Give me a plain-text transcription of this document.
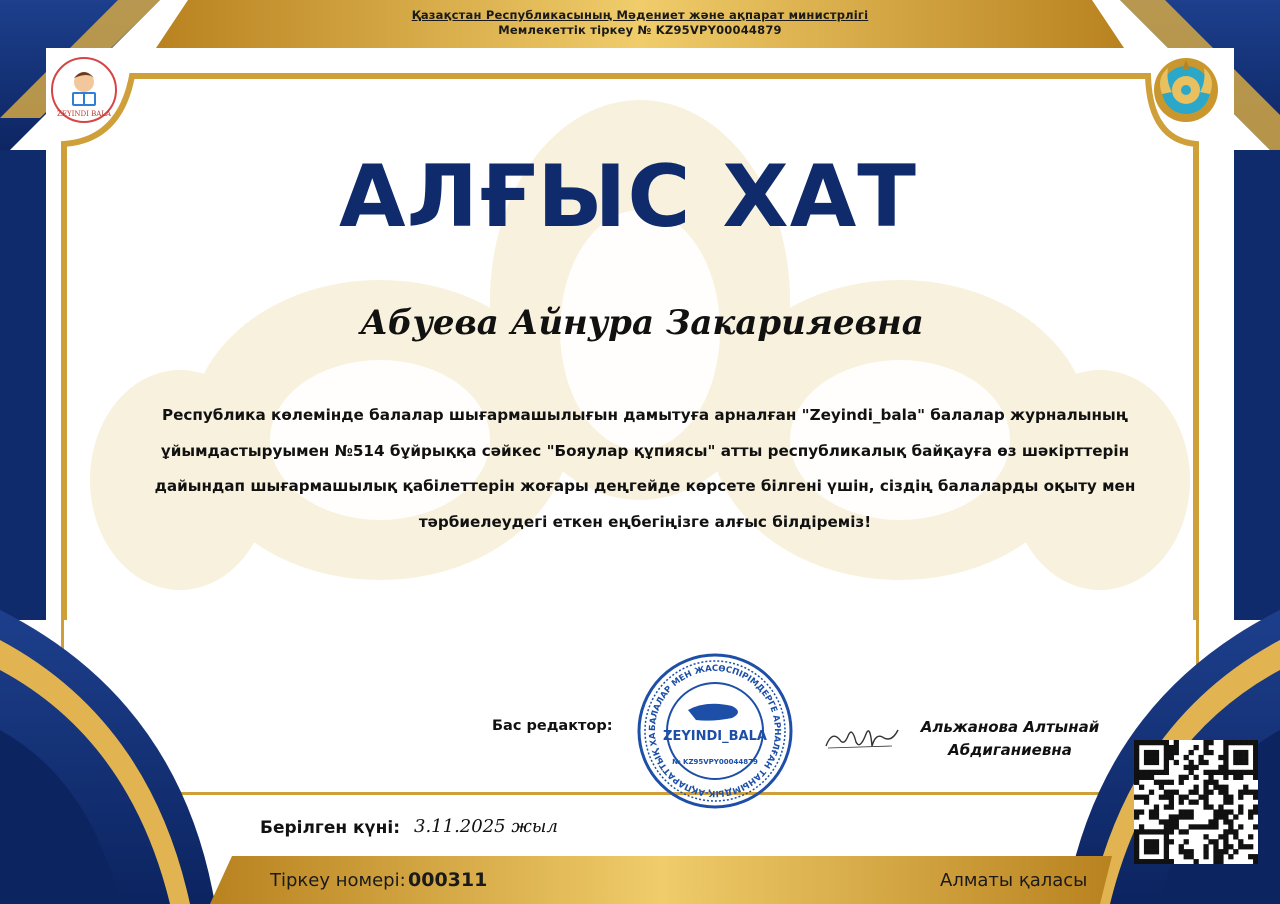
Қазақстан Республикасының Мәдениет және ақпарат министрлігі
Мемлекеттік тіркеу № KZ95VPY00044879
ZEYINDI BALA
АЛҒЫС ХАТ
Абуева Айнура Закарияевна
Республика көлемінде балалар шығармашылығын дамытуға арналған "Zeyindi_bala" балалар журналының ұйымдастыруымен №514 бұйрыққа сәйкес "Бояулар құпиясы" атты республикалық байқауға өз шәкірттерін дайындап шығармашылық қабілеттерін жоғары деңгейде көрсете білгені үшін, сіздің балаларды оқыту мен тәрбиелеудегі еткен еңбегіңізге алғыс білдіреміз!
Бас редактор:	БАЛАЛАР МЕН ЖАСӨСПІРІМДЕРГЕ АРНАЛҒАН ТАНЫМДЫҚ-АҚПАРАТТЫҚ ХА ZEYINDI_BALA
№ KZ95VPY00044879
Альжанова Алтынай
Абдиганиевна
Берілген күні: 3.11.2025 жыл
Тіркеу номері: 000311	Алматы қаласы
